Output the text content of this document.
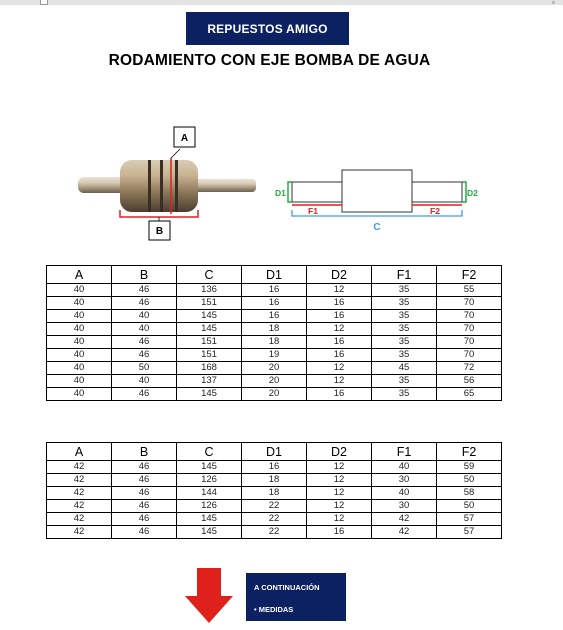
REPUESTOS AMIGO
RODAMIENTO CON EJE BOMBA DE AGUA
A
B
D1	D2
F1	F2
C
A	B	C	D1	D2	F1	F2
40	46	136	16	12	35	55
40	46	151	16	16	35	70
40	40	145	16	16	35	70
40	40	145	18	12	35	70
40	46	151	18	16	35	70
40	46	151	19	16	35	70
40	50	168	20	12	45	72
40	40	137	20	12	35	56
40	46	145	20	16	35	65
A	B	C	D1	D2	F1	F2
42	46	145	16	12	40	59
42	46	126	18	12	30	50
42	46	144	18	12	40	58
42	46	126	22	12	30	50
42	46	145	22	12	42	57
42	46	145	22	16	42	57
A CONTINUACIÓN
• MEDIDAS
